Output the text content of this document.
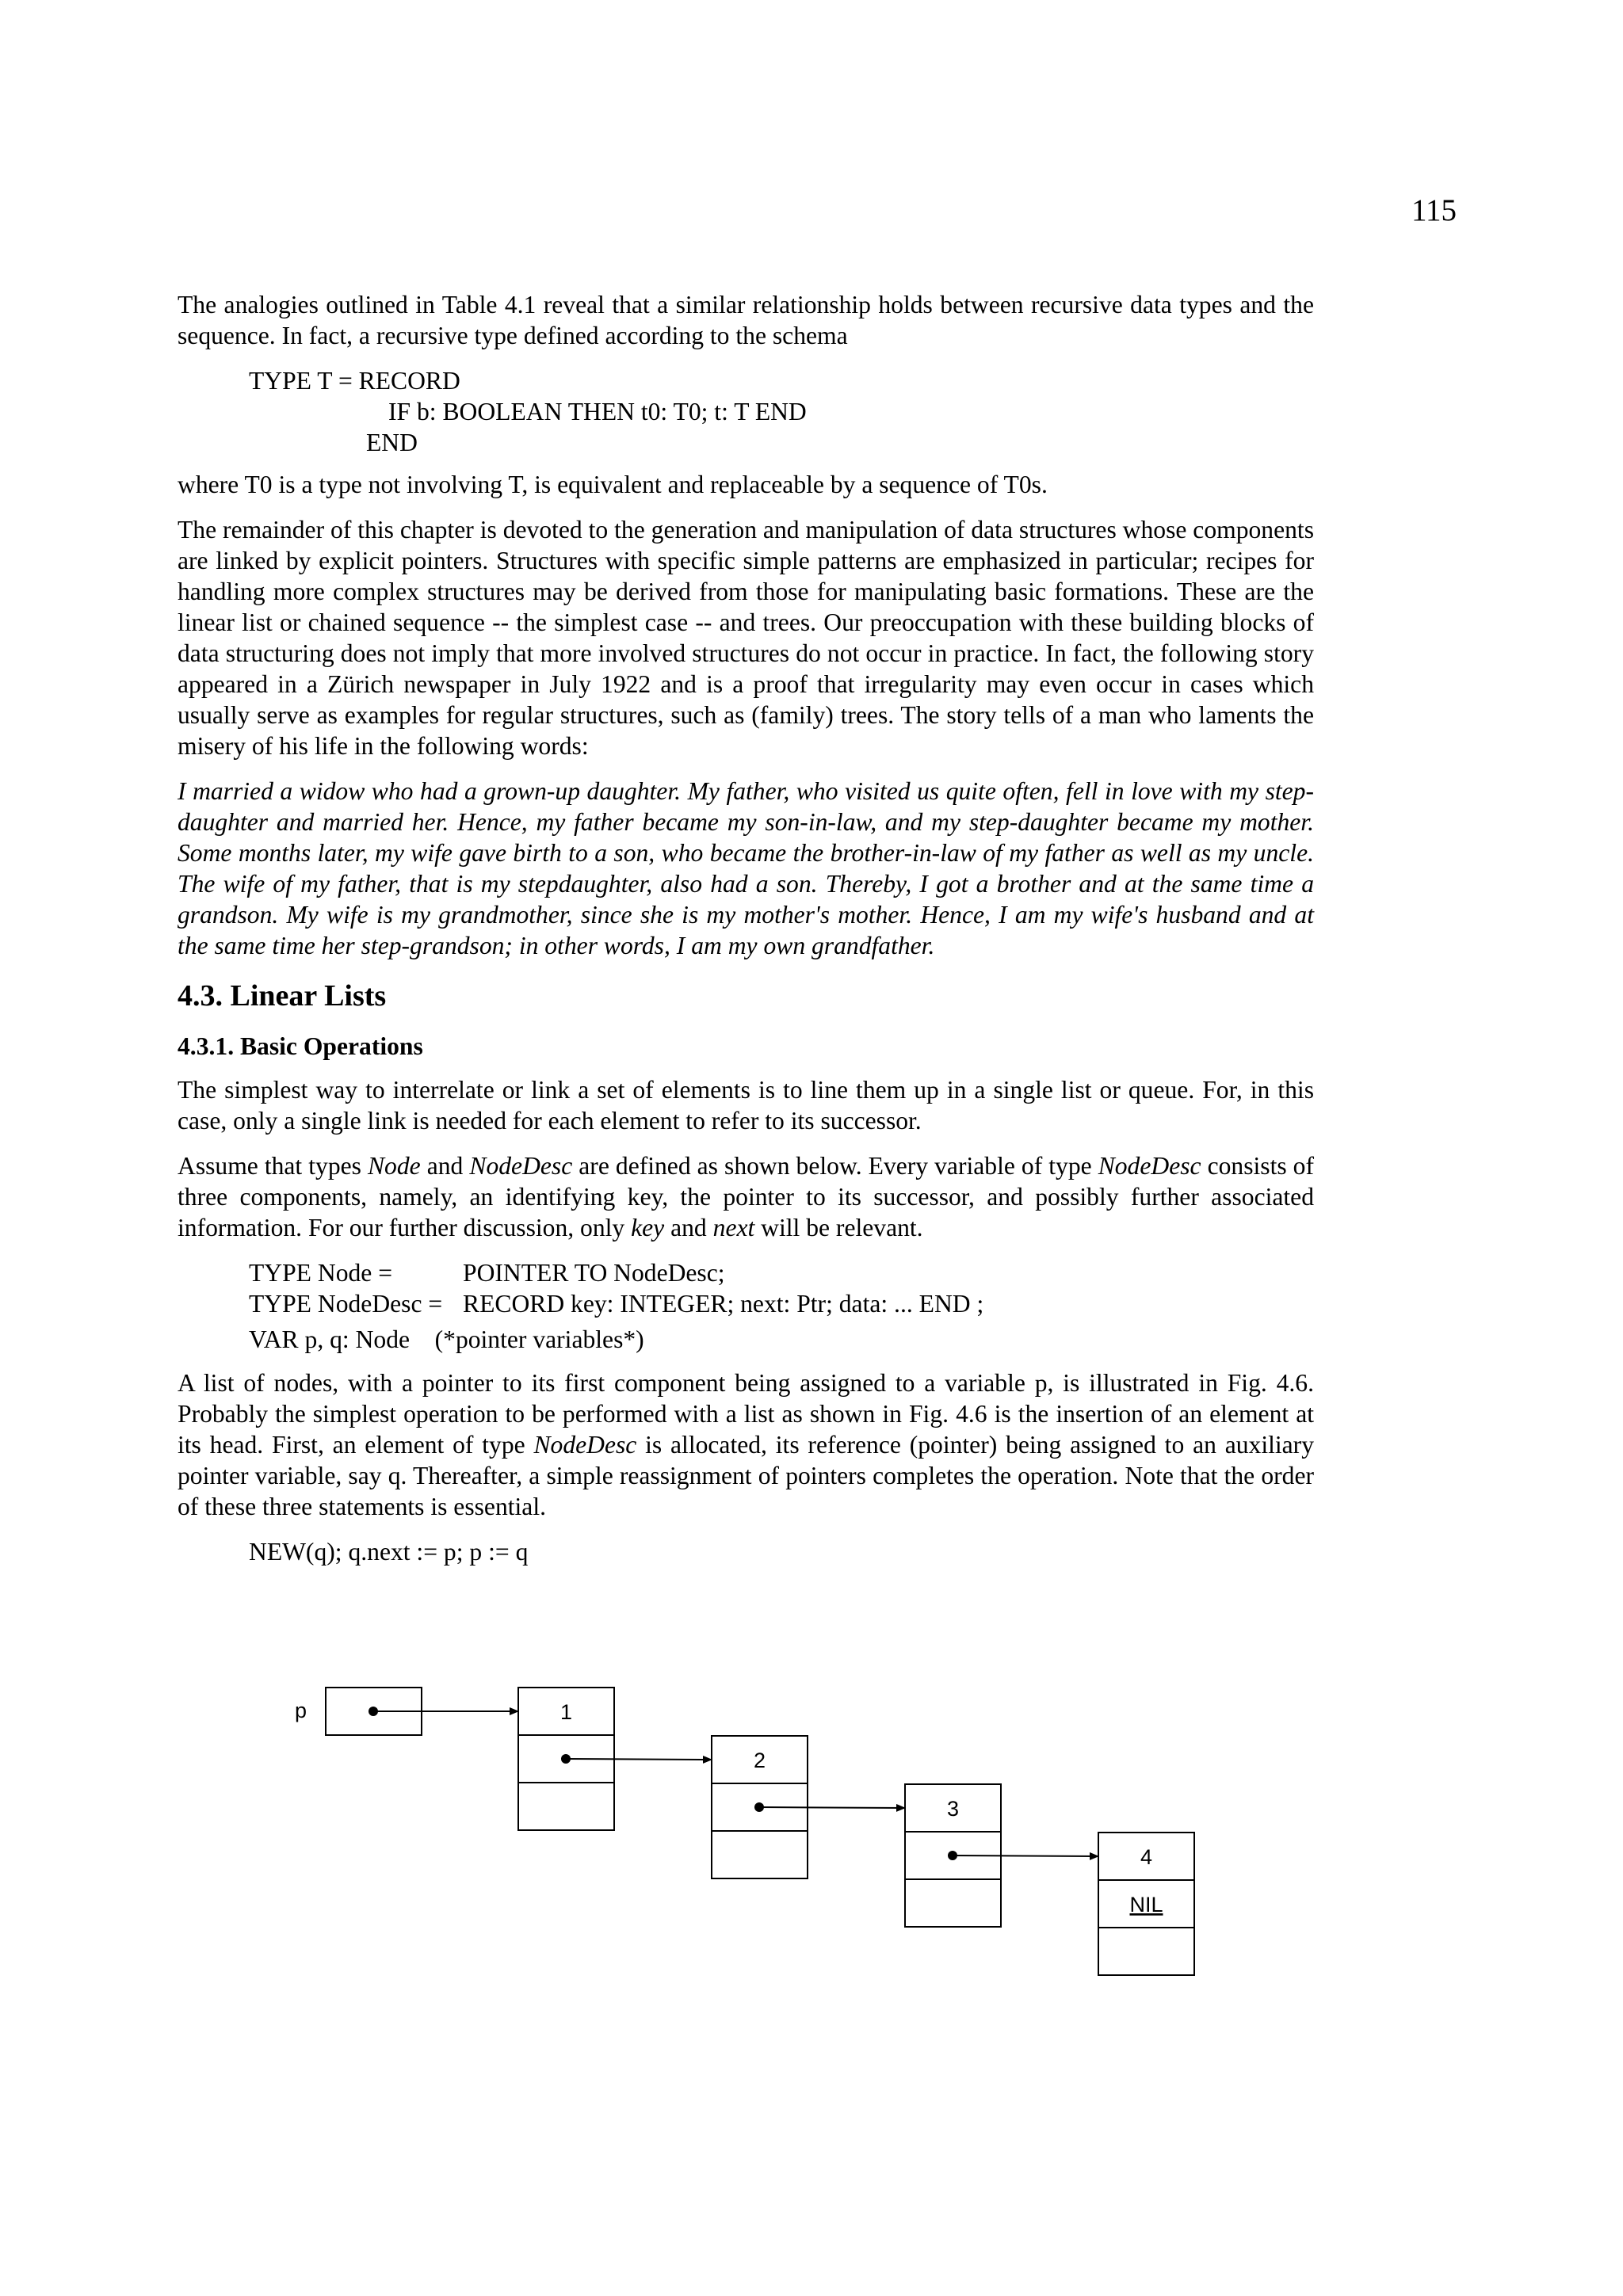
115

The analogies outlined in Table 4.1 reveal that a similar relationship holds between recursive data types and the sequence. In fact, a recursive type defined according to the schema

TYPE T = RECORD
IF b: BOOLEAN THEN t0: T0; t: T END
END

where T0 is a type not involving T, is equivalent and replaceable by a sequence of T0s.

The remainder of this chapter is devoted to the generation and manipulation of data structures whose components are linked by explicit pointers. Structures with specific simple patterns are emphasized in particular; recipes for handling more complex structures may be derived from those for manipulating basic formations. These are the linear list or chained sequence -- the simplest case -- and trees. Our preoccupation with these building blocks of data structuring does not imply that more involved structures do not occur in practice. In fact, the following story appeared in a Zürich newspaper in July 1922 and is a proof that irregularity may even occur in cases which usually serve as examples for regular structures, such as (family) trees. The story tells of a man who laments the misery of his life in the following words:

I married a widow who had a grown-up daughter. My father, who visited us quite often, fell in love with my step-daughter and married her. Hence, my father became my son-in-law, and my step-daughter became my mother. Some months later, my wife gave birth to a son, who became the brother-in-law of my father as well as my uncle. The wife of my father, that is my stepdaughter, also had a son. Thereby, I got a brother and at the same time a grandson. My wife is my grandmother, since she is my mother's mother. Hence, I am my wife's husband and at the same time her step-grandson; in other words, I am my own grandfather.

4.3. Linear Lists
4.3.1. Basic Operations

The simplest way to interrelate or link a set of elements is to line them up in a single list or queue. For, in this case, only a single link is needed for each element to refer to its successor.

Assume that types Node and NodeDesc are defined as shown below. Every variable of type NodeDesc consists of three components, namely, an identifying key, the pointer to its successor, and possibly further associated information. For our further discussion, only key and next will be relevant.

TYPE Node =	POINTER TO NodeDesc;
TYPE NodeDesc = RECORD key: INTEGER; next: Ptr; data: ... END ;
VAR p, q: Node    (*pointer variables*)

A list of nodes, with a pointer to its first component being assigned to a variable p, is illustrated in Fig. 4.6. Probably the simplest operation to be performed with a list as shown in Fig. 4.6 is the insertion of an element at its head. First, an element of type NodeDesc is allocated, its reference (pointer) being assigned to an auxiliary pointer variable, say q. Thereafter, a simple reassignment of pointers completes the operation. Note that the order of these three statements is essential.

NEW(q); q.next := p; p := q
p	1
2
3
4
NIL
